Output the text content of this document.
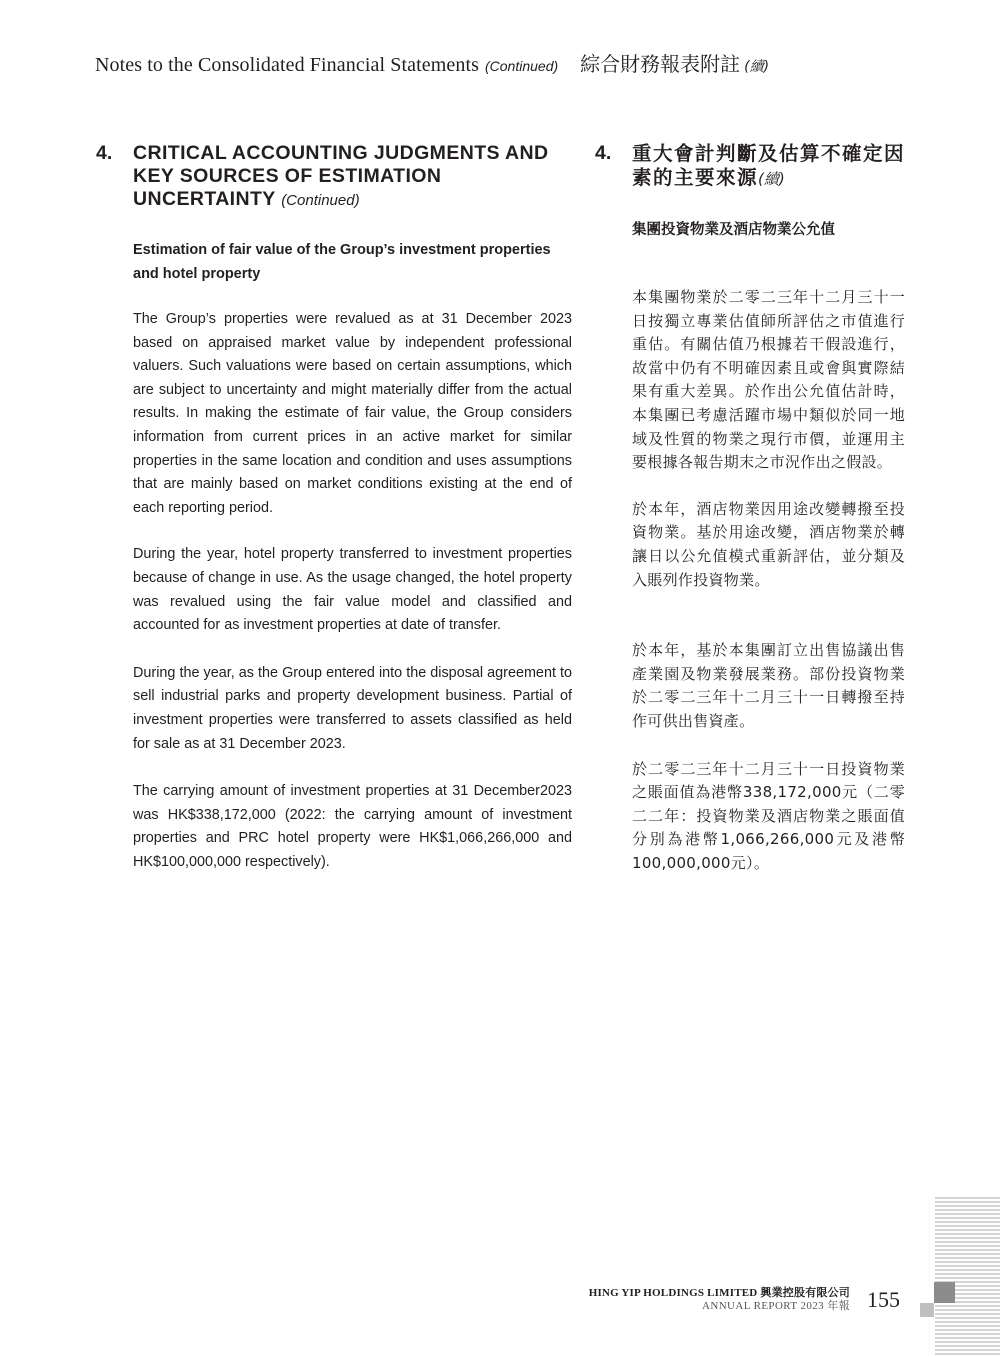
Notes to the Consolidated Financial Statements (Continued) 綜合財務報表附註 (續)
4.	CRITICAL ACCOUNTING JUDGMENTS AND KEY SOURCES OF ESTIMATION UNCERTAINTY (Continued)
Estimation of fair value of the Group’s investment properties and hotel property

The Group’s properties were revalued as at 31 December 2023 based on appraised market value by independent professional valuers. Such valuations were based on certain assumptions, which are subject to uncertainty and might materially differ from the actual results. In making the estimate of fair value, the Group considers information from current prices in an active market for similar properties in the same location and condition and uses assumptions that are mainly based on market conditions existing at the end of each reporting period.

During the year, hotel property transferred to investment properties because of change in use. As the usage changed, the hotel property was revalued using the fair value model and classified and accounted for as investment properties at date of transfer.

During the year, as the Group entered into the disposal agreement to sell industrial parks and property development business. Partial of investment properties were transferred to assets classified as held for sale as at 31 December 2023.

The carrying amount of investment properties at 31 December2023 was HK$338,172,000 (2022: the carrying amount of investment properties and PRC hotel property were HK$1,066,266,000 and HK$100,000,000 respectively).

4.	重大會計判斷及估算不確定因素的主要來源(續)
集團投資物業及酒店物業公允值

本集團物業於二零二三年十二月三十一日按獨立專業估值師所評估之市值進行重估。有關估值乃根據若干假設進行，故當中仍有不明確因素且或會與實際結果有重大差異。於作出公允值估計時，本集團已考慮活躍市場中類似於同一地域及性質的物業之現行市價，並運用主要根據各報告期末之市況作出之假設。

於本年，酒店物業因用途改變轉撥至投資物業。基於用途改變，酒店物業於轉讓日以公允值模式重新評估，並分類及入賬列作投資物業。

於本年，基於本集團訂立出售協議出售產業園及物業發展業務。部份投資物業於二零二三年十二月三十一日轉撥至持作可供出售資產。

於二零二三年十二月三十一日投資物業之賬面值為港幣338,172,000元（二零二二年：投資物業及酒店物業之賬面值分別為港幣1,066,266,000元及港幣100,000,000元）。

HING YIP HOLDINGS LIMITED 興業控股有限公司
ANNUAL REPORT 2023 年報 155
